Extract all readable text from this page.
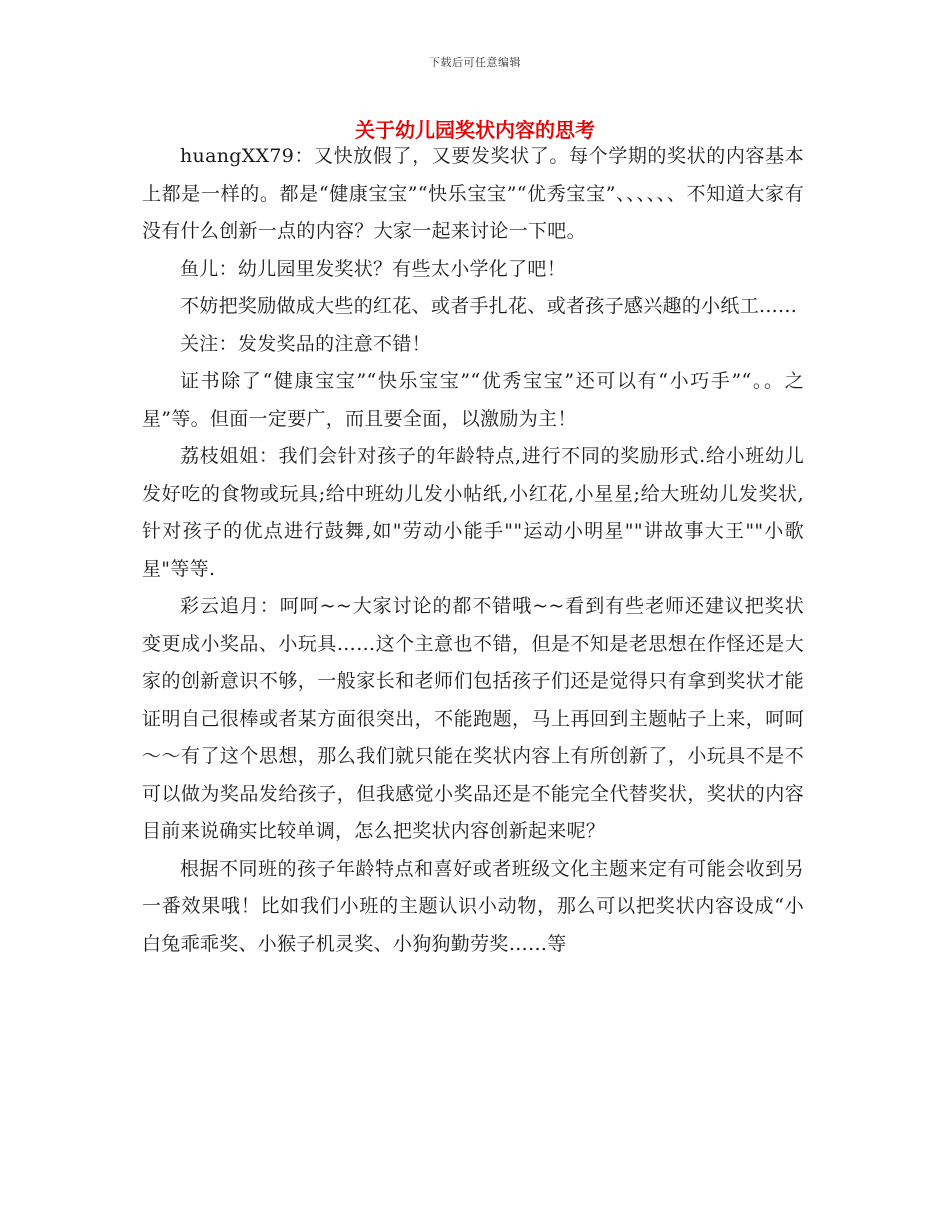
下载后可任意编辑
关于幼儿园奖状内容的思考

huangXX79：又快放假了，又要发奖状了。每个学期的奖状的内容基本上都是一样的。都是“健康宝宝”“快乐宝宝”“优秀宝宝”、、、、、、不知道大家有没有什么创新一点的内容？大家一起来讨论一下吧。

鱼儿：幼儿园里发奖状？有些太小学化了吧！

不妨把奖励做成大些的红花、或者手扎花、或者孩子感兴趣的小纸工......

关注：发发奖品的注意不错！

证书除了“健康宝宝”“快乐宝宝”“优秀宝宝”还可以有“小巧手”“。。之星”等。但面一定要广，而且要全面，以激励为主！

荔枝姐姐：我们会针对孩子的年龄特点,进行不同的奖励形式.给小班幼儿发好吃的食物或玩具;给中班幼儿发小帖纸,小红花,小星星;给大班幼儿发奖状,针对孩子的优点进行鼓舞,如"劳动小能手""运动小明星""讲故事大王""小歌星"等等.

彩云追月：呵呵~~大家讨论的都不错哦~~看到有些老师还建议把奖状变更成小奖品、小玩具……这个主意也不错，但是不知是老思想在作怪还是大家的创新意识不够，一般家长和老师们包括孩子们还是觉得只有拿到奖状才能证明自己很棒或者某方面很突出，不能跑题，马上再回到主题帖子上来，呵呵～～有了这个思想，那么我们就只能在奖状内容上有所创新了，小玩具不是不可以做为奖品发给孩子，但我感觉小奖品还是不能完全代替奖状，奖状的内容目前来说确实比较单调，怎么把奖状内容创新起来呢？

根据不同班的孩子年龄特点和喜好或者班级文化主题来定有可能会收到另一番效果哦！比如我们小班的主题认识小动物，那么可以把奖状内容设成“小白兔乖乖奖、小猴子机灵奖、小狗狗勤劳奖……等
